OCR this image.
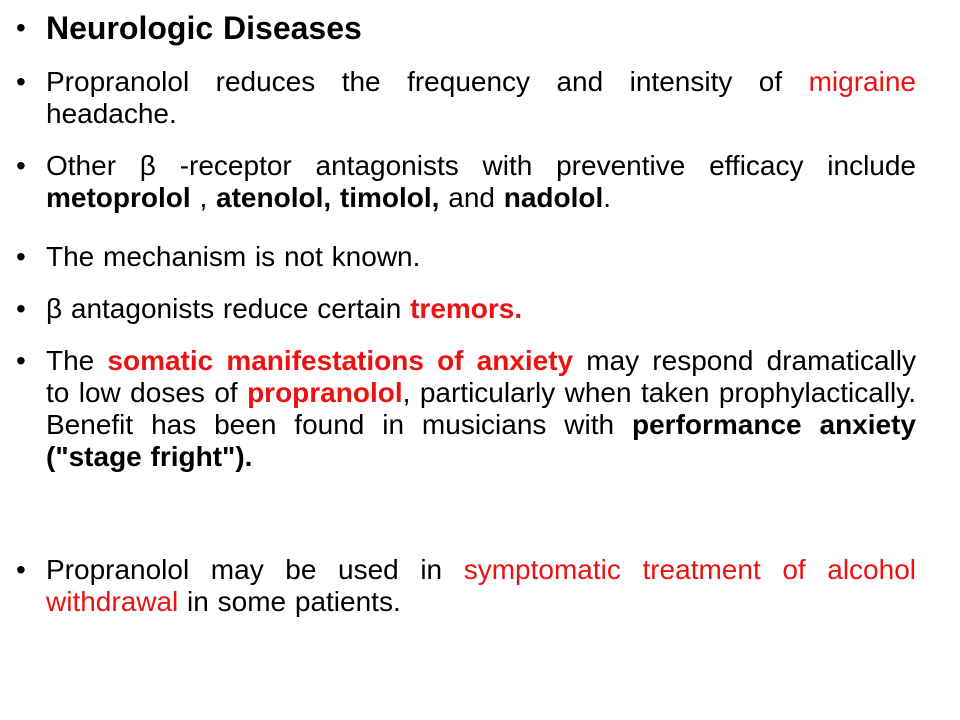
• Neurologic Diseases
• Propranolol reduces the frequency and intensity of migraine headache.
• Other β -receptor antagonists with preventive efficacy include metoprolol , atenolol, timolol, and nadolol.
• The mechanism is not known.
• β antagonists reduce certain tremors.
• The somatic manifestations of anxiety may respond dramatically to low doses of propranolol, particularly when taken prophylactically. Benefit has been found in musicians with performance anxiety ("stage fright").
• Propranolol may be used in symptomatic treatment of alcohol withdrawal in some patients.
